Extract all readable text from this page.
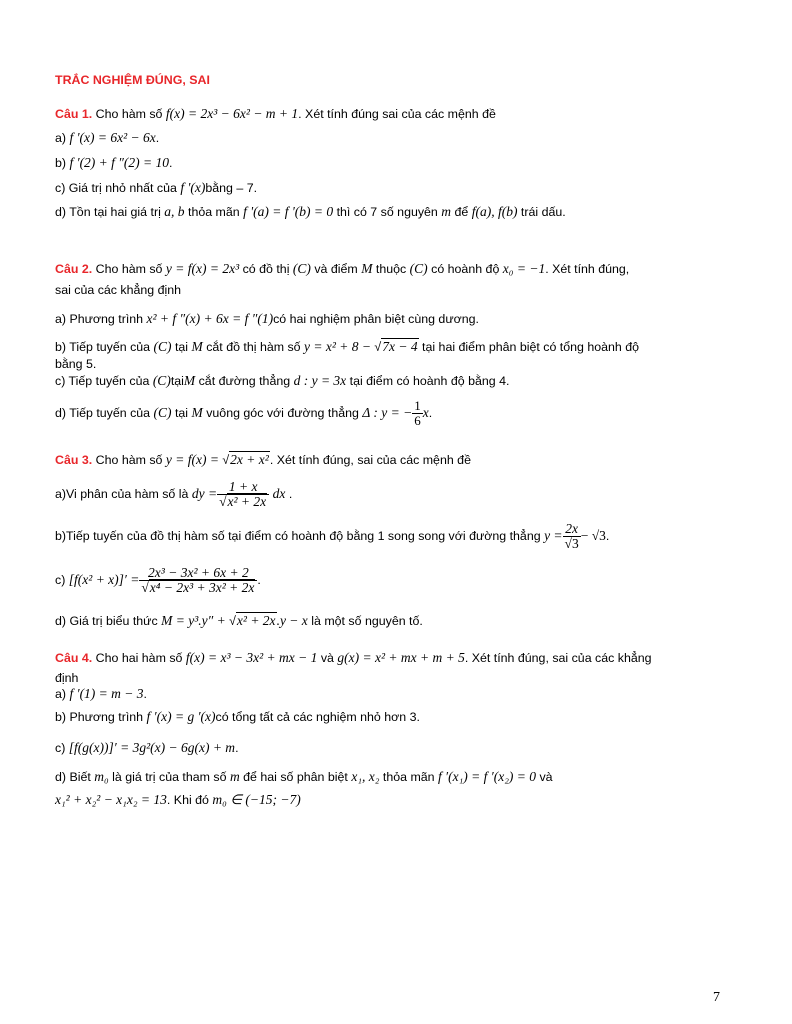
TRẮC NGHIỆM ĐÚNG, SAI
Câu 1. Cho hàm số f(x) = 2x³ − 6x² − m + 1. Xét tính đúng sai của các mệnh đề
a) f '(x) = 6x² − 6x.
b) f ′(2) + f ″(2) = 10.
c) Giá trị nhỏ nhất của f '(x)bằng – 7.
d) Tồn tại hai giá trị a, b thỏa mãn f '(a) = f '(b) = 0 thì có 7 số nguyên m để f(a), f(b) trái dấu.
Câu 2. Cho hàm số y = f(x) = 2x³ có đồ thị (C) và điểm M thuộc (C) có hoành độ x₀ = −1. Xét tính đúng,
sai của các khẳng định
a) Phương trình x² + f ″(x) + 6x = f ″(1)có hai nghiệm phân biệt cùng dương.
b) Tiếp tuyến của (C) tại M cắt đồ thị hàm số y = x² + 8 − √7x − 4 tại hai điểm phân biệt có tổng hoành độ
bằng 5.
c) Tiếp tuyến của (C)tạiM cắt đường thẳng d : y = 3x tại điểm có hoành độ bằng 4.
d) Tiếp tuyến của (C) tại M vuông góc với đường thẳng Δ : y = − $\frac{1}{6} x$.
Câu 3. Cho hàm số y = f(x) = √2x + x². Xét tính đúng, sai của các mệnh đề
a)Vi phân của hàm số là dy = $\frac{1 + x}{\text{√x² + 2x}}$ dx .
b)Tiếp tuyến của đồ thị hàm số tại điểm có hoành độ bằng 1 song song với đường thẳng $y = \frac{2x}{√3} - √3$.
c) $[f(x^2 + x)]' = \frac{\text{2x³ − 3x² + 6x + 2}}{\text{√x⁴ − 2x³ + 3x² + 2x}}$ .
d) Giá trị biểu thức M = y³.y″ + √x² + 2x.y − x là một số nguyên tố.
Câu 4. Cho hai hàm số f(x) = x³ − 3x² + mx − 1 và g(x) = x² + mx + m + 5. Xét tính đúng, sai của các khẳng
định
a) f ′(1) = m − 3.
b) Phương trình f ′(x) = g ′(x)có tổng tất cả các nghiệm nhỏ hơn 3.
c) [f(g(x))]′ = 3g²(x) − 6g(x) + m.
d) Biết m₀ là giá trị của tham số m để hai số phân biệt x₁, x₂ thỏa mãn f ′(x₁) = f ′(x₂) = 0 và
x₁² + x₂² − x₁x₂ = 13. Khi đó m₀ ∈ (−15; −7)
7
